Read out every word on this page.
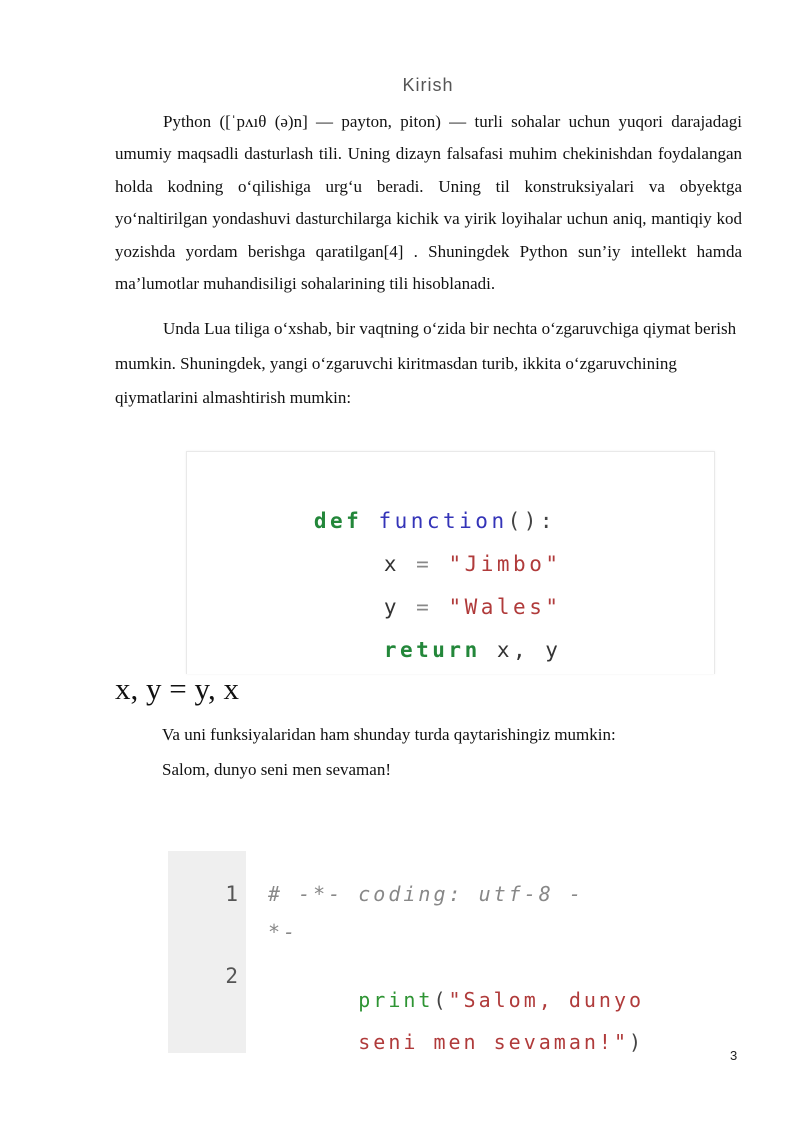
Kirish
Python ([ˈpʌıθ (ə)n] — payton, piton) — turli sohalar uchun yuqori darajadagi umumiy maqsadli dasturlash tili. Uning dizayn falsafasi muhim chekinishdan foydalangan holda kodning oʻqilishiga urgʻu beradi. Uning til konstruksiyalari va obyektga yoʻnaltirilgan yondashuvi dasturchilarga kichik va yirik loyihalar uchun aniq, mantiqiy kod yozishda yordam berishga qaratilgan[4] . Shuningdek Python sun’iy intellekt hamda ma’lumotlar muhandisiligi sohalarining tili hisoblanadi.
Unda Lua tiliga oʻxshab, bir vaqtning oʻzida bir nechta oʻzgaruvchiga qiymat berish mumkin. Shuningdek, yangi oʻzgaruvchi kiritmasdan turib, ikkita oʻzgaruvchining qiymatlarini almashtirish mumkin:

def function():

x = "Jimbo"

y = "Wales"

return x, y

x, y = y, x
Va uni funksiyalaridan ham shunday turda qaytarishingiz mumkin:
Salom, dunyo seni men sevaman!
1
2
# -*- coding: utf-8 -
*-

print("Salom, dunyo

seni men sevaman!")

3
